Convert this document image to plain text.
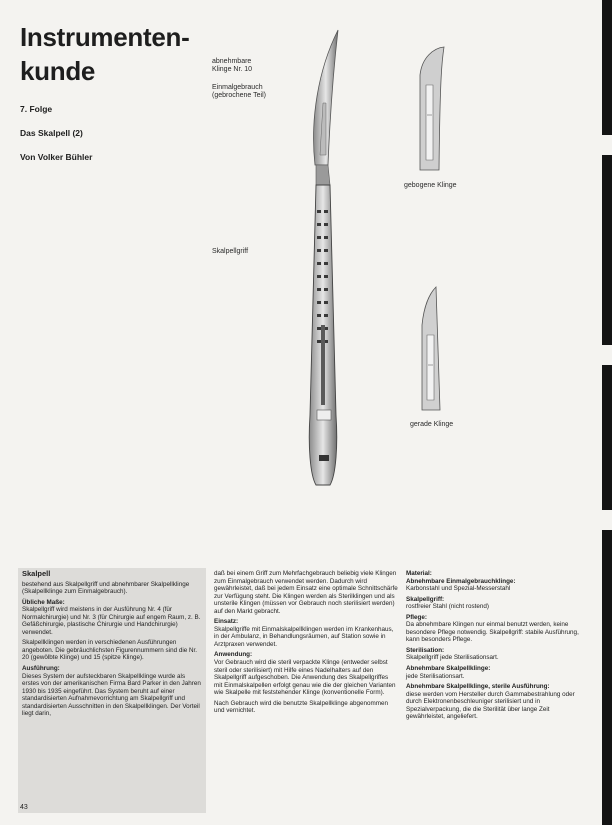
Instrumenten-
kunde
7. Folge
Das Skalpell (2)
Von Volker Bühler
abnehmbare Klinge Nr. 10
Einmalgebrauch (gebrochene Teil)
Skalpellgriff
gebogene Klinge
gerade Klinge

Skalpell

bestehend aus Skalpellgriff und abnehmbarer Skalpellklinge (Skalpellklinge zum Einmalgebrauch).

Übliche Maße:
Skalpellgriff wird meistens in der Ausführung Nr. 4 (für Normalchirurgie) und Nr. 3 (für Chirurgie auf engem Raum, z. B. Gefäßchirurgie, plastische Chirurgie und Handchirurgie) verwendet.

Skalpellklingen werden in verschiedenen Ausführungen angeboten. Die gebräuchlichsten Figurennummern sind die Nr. 20 (gewölbte Klinge) und 15 (spitze Klinge).

Ausführung:
Dieses System der aufsteckbaren Skalpellklinge wurde als erstes von der amerikanischen Firma Bard Parker in den Jahren 1930 bis 1935 eingeführt. Das System beruht auf einer standardisierten Aufnahmevorrichtung am Skalpellgriff und standardisierten Ausschnitten in den Skalpellklingen. Der Vorteil liegt darin,

daß bei einem Griff zum Mehrfachgebrauch beliebig viele Klingen zum Einmalgebrauch verwendet werden. Dadurch wird gewährleistet, daß bei jedem Einsatz eine optimale Schnittschärfe zur Verfügung steht. Die Klingen werden als Sterilklingen und als unsterile Klingen (müssen vor Gebrauch noch sterilisiert werden) auf den Markt gebracht.

Einsatz:
Skalpellgriffe mit Einmalskalpellklingen werden im Krankenhaus, in der Ambulanz, in Behandlungsräumen, auf Station sowie in Arztpraxen verwendet.

Anwendung:
Vor Gebrauch wird die steril verpackte Klinge (entweder selbst steril oder sterilisiert) mit Hilfe eines Nadelhalters auf den Skalpellgriff aufgeschoben. Die Anwendung des Skalpellgriffes mit Einmalskalpellen erfolgt genau wie die der gleichen Varianten wie Skalpelle mit feststehender Klinge (konventionelle Form).

Nach Gebrauch wird die benutzte Skalpellklinge abgenommen und vernichtet.

Material:
Abnehmbare Einmalgebrauchklinge:
Karbonstahl und Spezial-Messerstahl

Skalpellgriff:
rostfreier Stahl (nicht rostend)

Pflege:
Da abnehmbare Klingen nur einmal benutzt werden, keine besondere Pflege notwendig. Skalpellgriff: stabile Ausführung, kann besonders Pflege.

Sterilisation:
Skalpellgriff jede Sterilisationsart.

Abnehmbare Skalpellklinge:
jede Sterilisationsart.

Abnehmbare Skalpellklinge, sterile Ausführung:
diese werden vom Hersteller durch Gammabestrahlung oder durch Elektronenbeschleuniger sterilisiert und in Spezialverpackung, die die Sterilität über lange Zeit gewährleistet, angeliefert.

43
